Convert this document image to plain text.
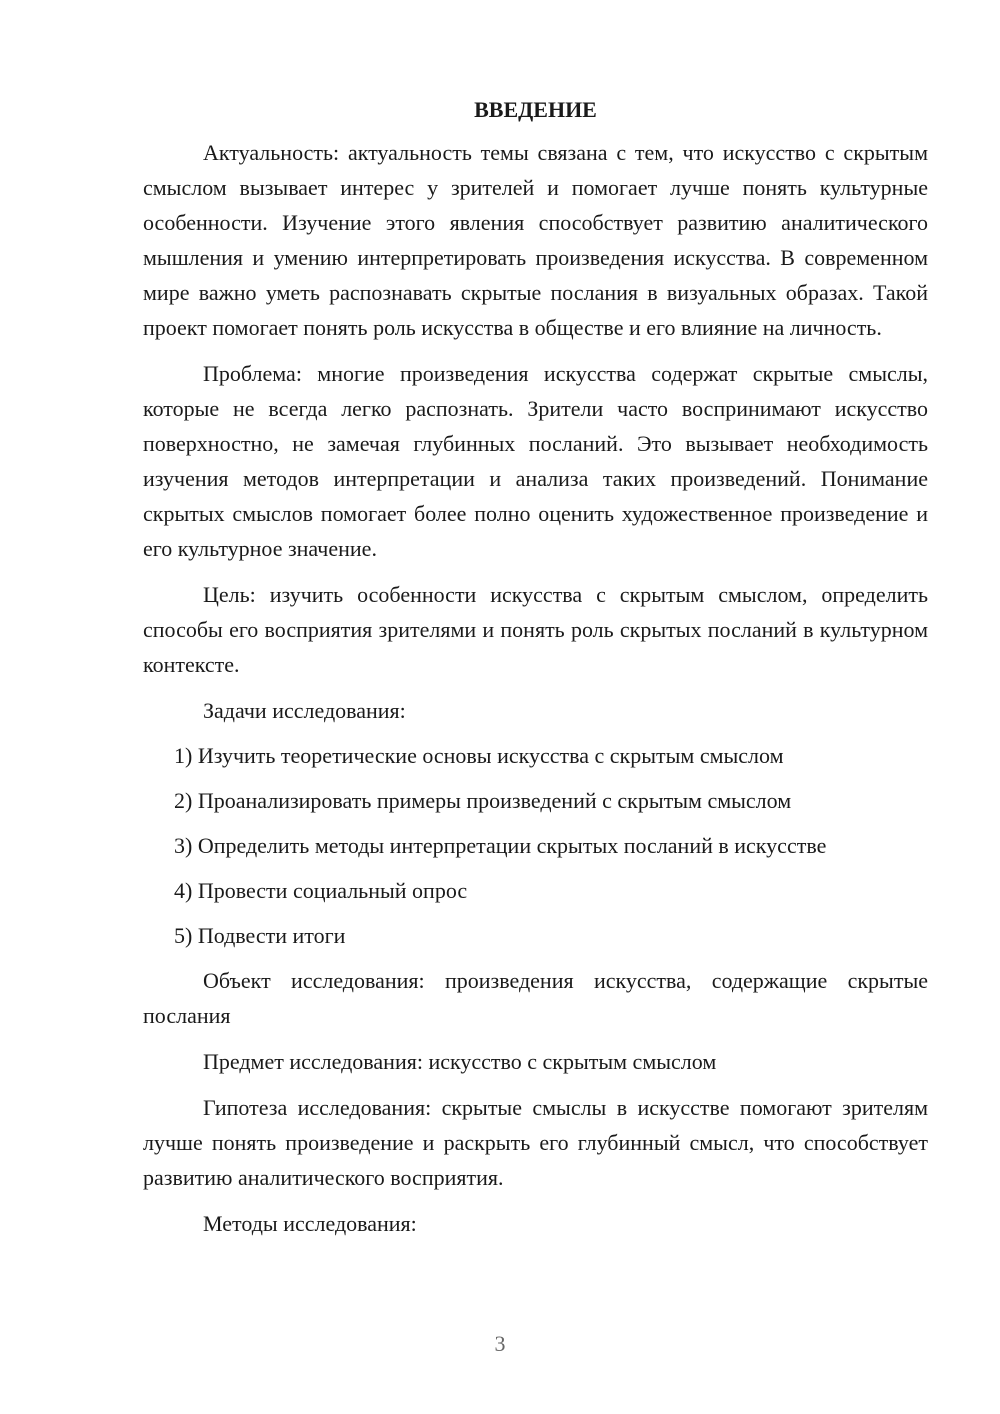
ВВЕДЕНИЕ

Актуальность: актуальность темы связана с тем, что искусство с скрытым смыслом вызывает интерес у зрителей и помогает лучше понять культурные особенности. Изучение этого явления способствует развитию аналитического мышления и умению интерпретировать произведения искусства. В современном мире важно уметь распознавать скрытые послания в визуальных образах. Такой проект помогает понять роль искусства в обществе и его влияние на личность.

Проблема: многие произведения искусства содержат скрытые смыслы, которые не всегда легко распознать. Зрители часто воспринимают искусство поверхностно, не замечая глубинных посланий. Это вызывает необходимость изучения методов интерпретации и анализа таких произведений. Понимание скрытых смыслов помогает более полно оценить художественное произведение и его культурное значение.

Цель: изучить особенности искусства с скрытым смыслом, определить способы его восприятия зрителями и понять роль скрытых посланий в культурном контексте.

Задачи исследования:

1) Изучить теоретические основы искусства с скрытым смыслом
2) Проанализировать примеры произведений с скрытым смыслом
3) Определить методы интерпретации скрытых посланий в искусстве
4) Провести социальный опрос
5) Подвести итоги

Объект исследования: произведения искусства, содержащие скрытые послания

Предмет исследования: искусство с скрытым смыслом

Гипотеза исследования: скрытые смыслы в искусстве помогают зрителям лучше понять произведение и раскрыть его глубинный смысл, что способствует развитию аналитического восприятия.

Методы исследования:

3
